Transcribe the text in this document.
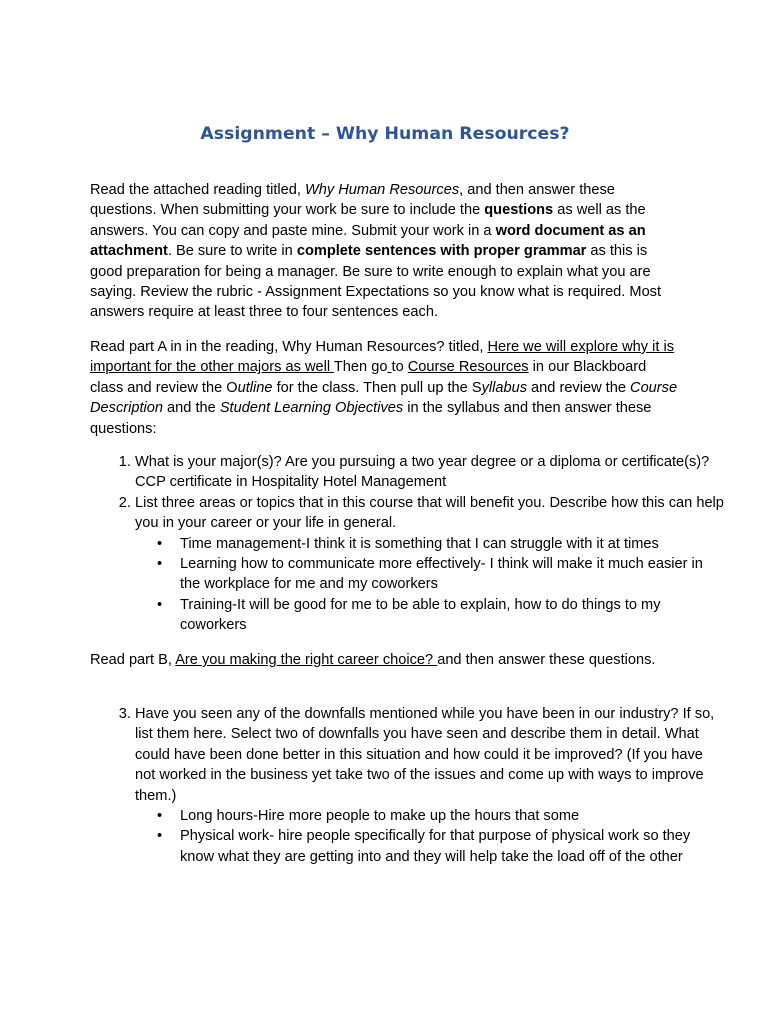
Assignment – Why Human Resources?

Read the attached reading titled, Why Human Resources, and then answer these questions. When submitting your work be sure to include the questions as well as the answers. You can copy and paste mine. Submit your work in a word document as an attachment. Be sure to write in complete sentences with proper grammar as this is good preparation for being a manager. Be sure to write enough to explain what you are saying. Review the rubric - Assignment Expectations so you know what is required. Most answers require at least three to four sentences each.

Read part A in in the reading, Why Human Resources? titled, Here we will explore why it is important for the other majors as well Then go to Course Resources in our Blackboard class and review the Outline for the class. Then pull up the Syllabus and review the Course Description and the Student Learning Objectives in the syllabus and then answer these questions:

1. What is your major(s)? Are you pursuing a two year degree or a diploma or certificate(s)? CCP certificate in Hospitality Hotel Management
2. List three areas or topics that in this course that will benefit you. Describe how this can help you in your career or your life in general.
• Time management-I think it is something that I can struggle with it at times
• Learning how to communicate more effectively- I think will make it much easier in the workplace for me and my coworkers
• Training-It will be good for me to be able to explain, how to do things to my coworkers

Read part B, Are you making the right career choice? and then answer these questions.

3. Have you seen any of the downfalls mentioned while you have been in our industry? If so, list them here. Select two of downfalls you have seen and describe them in detail. What could have been done better in this situation and how could it be improved? (If you have not worked in the business yet take two of the issues and come up with ways to improve them.)
• Long hours-Hire more people to make up the hours that some
• Physical work- hire people specifically for that purpose of physical work so they know what they are getting into and they will help take the load off of the other
